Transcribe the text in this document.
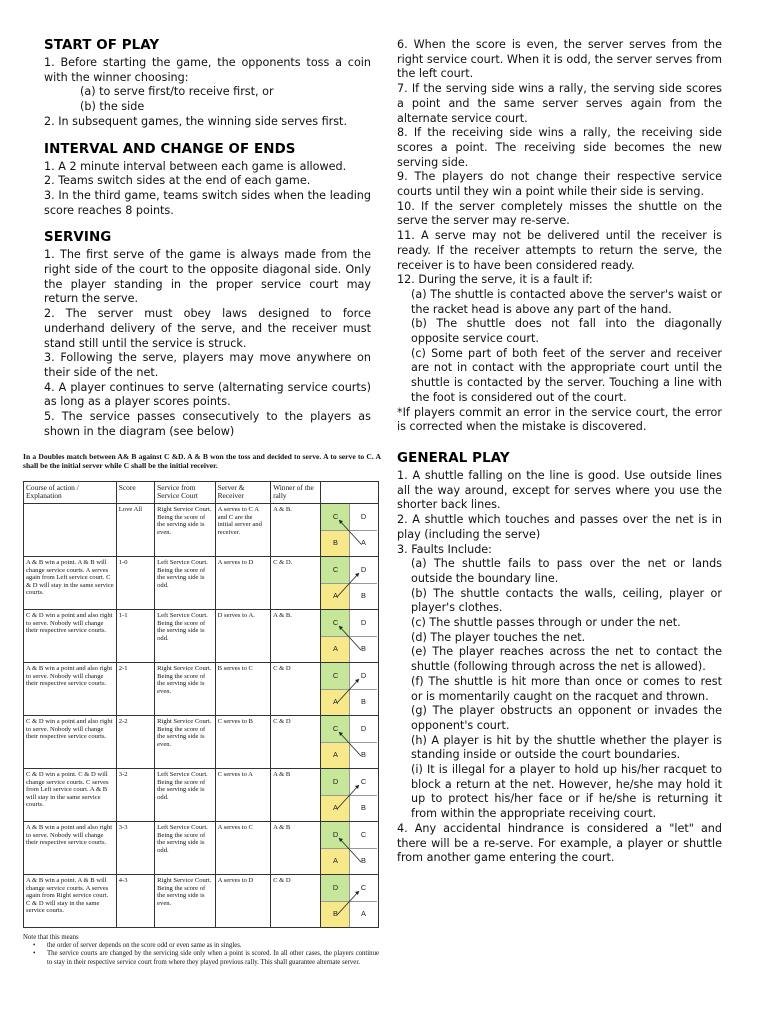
START OF PLAY

1. Before starting the game, the opponents toss a coin with the winner choosing:

(a) to serve first/to receive first, or

(b) the side

2. In subsequent games, the winning side serves first.

INTERVAL AND CHANGE OF ENDS

1. A 2 minute interval between each game is allowed.

2. Teams switch sides at the end of each game.

3. In the third game, teams switch sides when the leading score reaches 8 points.

SERVING

1. The first serve of the game is always made from the right side of the court to the opposite diagonal side. Only the player standing in the proper service court may return the serve.

2. The server must obey laws designed to force underhand delivery of the serve, and the receiver must stand still until the service is struck.

3. Following the serve, players may move anywhere on their side of the net.

4. A player continues to serve (alternating service courts) as long as a player scores points.

5. The service passes consecutively to the players as shown in the diagram (see below)

In a Doubles match between A& B against C &D. A & B won the toss and decided to serve. A to serve to C. A shall be the initial server while C shall be the initial receiver.
Course of action / Explanation	Score	Service from Service Court	Server & Receiver	Winner of the rally	
	Love All	Right Service Court. Being the score of the serving side is even.	A serves to C A and C are the initial server and receiver.	A & B.	C D
B A

A & B win a point. A & B will change service courts. A serves again from Left service court. C & D will stay in the same service courts.	1-0	Left Service Court. Being the score of the serving side is odd.	A serves to D	C & D.	C D
A B

C & D win a point and also right to serve. Nobody will change their respective service courts.	1-1	Left Service Court. Being the score of the serving side is odd.	D serves to A.	A & B.	C D
A B

A & B win a point and also right to serve. Nobody will change their respective service courts.	2-1	Right Service Court. Being the score of the serving side is even.	B serves to C	C & D	C D
A B

C & D win a point and also right to serve. Nobody will change their respective service courts.	2-2	Right Service Court. Being the score of the serving side is even.	C serves to B	C & D	C D
A B

C & D win a point. C & D will change service courts. C serves from Left service court. A & B will stay in the same service courts.	3-2	Left Service Court. Being the score of the serving side is odd.	C serves to A	A & B	D C
A B

A & B win a point and also right to serve. Nobody will change their respective service courts.	3-3	Left Service Court. Being the score of the serving side is odd.	A serves to C	A & B	D C
A B

A & B win a point. A & B will change service courts. A serves again from Right service court. C & D will stay in the same service courts.	4-3	Right Service Court. Being the score of the serving side is even.	A serves to D	C & D	D C
B A
Note that this means
• the order of server depends on the score odd or even same as in singles.
• The service courts are changed by the servicing side only when a point is scored. In all other cases, the players continue to stay in their respective service court from where they played previous rally. This shall guarantee alternate server.

6. When the score is even, the server serves from the right service court. When it is odd, the server serves from the left court.

7. If the serving side wins a rally, the serving side scores a point and the same server serves again from the alternate service court.

8. If the receiving side wins a rally, the receiving side scores a point. The receiving side becomes the new serving side.

9. The players do not change their respective service courts until they win a point while their side is serving.

10. If the server completely misses the shuttle on the serve the server may re-serve.

11. A serve may not be delivered until the receiver is ready. If the receiver attempts to return the serve, the receiver is to have been considered ready.

12. During the serve, it is a fault if:

(a) The shuttle is contacted above the server's waist or the racket head is above any part of the hand.

(b) The shuttle does not fall into the diagonally opposite service court.

(c) Some part of both feet of the server and receiver are not in contact with the appropriate court until the shuttle is contacted by the server. Touching a line with the foot is considered out of the court.

*If players commit an error in the service court, the error is corrected when the mistake is discovered.

GENERAL PLAY

1. A shuttle falling on the line is good. Use outside lines all the way around, except for serves where you use the shorter back lines.

2. A shuttle which touches and passes over the net is in play (including the serve)

3. Faults Include:

(a) The shuttle fails to pass over the net or lands outside the boundary line.

(b) The shuttle contacts the walls, ceiling, player or player's clothes.

(c) The shuttle passes through or under the net.

(d) The player touches the net.

(e) The player reaches across the net to contact the shuttle (following through across the net is allowed).

(f) The shuttle is hit more than once or comes to rest or is momentarily caught on the racquet and thrown.

(g) The player obstructs an opponent or invades the opponent's court.

(h) A player is hit by the shuttle whether the player is standing inside or outside the court boundaries.

(i) It is illegal for a player to hold up his/her racquet to block a return at the net. However, he/she may hold it up to protect his/her face or if he/she is returning it from within the appropriate receiving court.

4. Any accidental hindrance is considered a "let" and there will be a re-serve. For example, a player or shuttle from another game entering the court.
